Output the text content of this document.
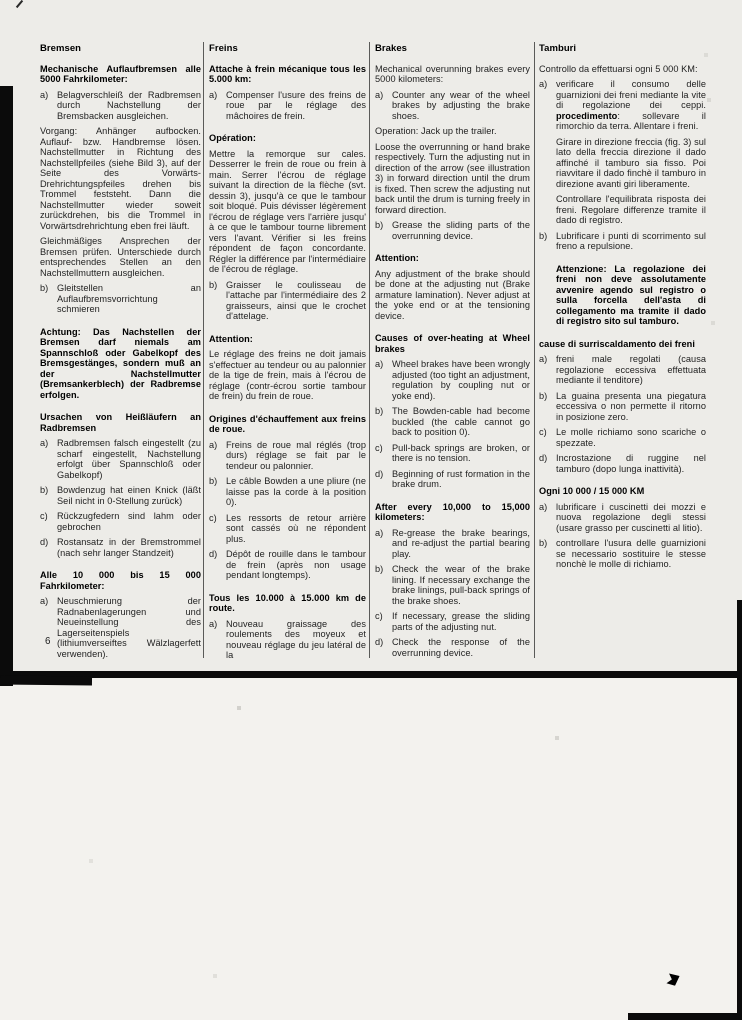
Bremsen
Mechanische Auflaufbremsen alle 5000 Fahrkilometer:
a) Belagverschleiß der Radbremsen durch Nachstellung der Bremsbacken ausgleichen.
Vorgang: Anhänger aufbocken. Auflauf- bzw. Handbremse lösen. Nachstellmutter in Richtung des Nachstellpfeiles (siehe Bild 3), auf der Seite des Vorwärts-Drehrichtungspfeiles drehen bis Trommel feststeht. Dann die Nachstellmutter wieder soweit zurückdrehen, bis die Trommel in Vorwärtsdrehrichtung eben frei läuft.
Gleichmäßiges Ansprechen der Bremsen prüfen. Unterschiede durch entsprechendes Stellen an den Nachstellmuttern ausgleichen.
b) Gleitstellen an Auflaufbremsvorrichtung schmieren
Achtung: Das Nachstellen der Bremsen darf niemals am Spannschloß oder Gabelkopf des Bremsgestänges, sondern muß an der Nachstellmutter (Bremsankerblech) der Radbremse erfolgen.
Ursachen von Heißläufern an Radbremsen
a) Radbremsen falsch eingestellt (zu scharf eingestellt, Nachstellung erfolgt über Spannschloß oder Gabelkopf)
b) Bowdenzug hat einen Knick (läßt Seil nicht in 0-Stellung zurück)
c) Rückzugfedern sind lahm oder gebrochen
d) Rostansatz in der Bremstrommel (nach sehr langer Standzeit)
Alle 10 000 bis 15 000 Fahrkilometer:
a) Neuschmierung der Radnabenlagerungen und Neueinstellung des Lagerseitenspiels (lithiumverseiftes Wälzlagerfett verwenden).
Freins
Attache à frein mécanique tous les 5.000 km:
a) Compenser l'usure des freins de roue par le réglage des mâchoires de frein.
Opération:
Mettre la remorque sur cales. Desserrer le frein de roue ou frein à main. Serrer l'écrou de réglage suivant la direction de la flèche (svt. dessin 3), jusqu'à ce que le tambour soit bloqué. Puis dévisser légèrement l'écrou de réglage vers l'arrière jusqu' à ce que le tambour tourne librement vers l'avant. Vérifier si les freins répondent de façon concordante. Régler la différence par l'intermédiaire de l'écrou de réglage.
b) Graisser le coulisseau de l'attache par l'intermédiaire des 2 graisseurs, ainsi que le crochet d'attelage.
Attention:
Le réglage des freins ne doit jamais s'effectuer au tendeur ou au palonnier de la tige de frein, mais à l'écrou de réglage (contr-écrou sortie tambour de frein) du frein de roue.
Origines d'échauffement aux freins de roue.
a) Freins de roue mal réglés (trop durs) réglage se fait par le tendeur ou palonnier.
b) Le câble Bowden a une pliure (ne laisse pas la corde à la position 0).
c) Les ressorts de retour arrière sont cassés où ne répondent plus.
d) Dépôt de rouille dans le tambour de frein (après non usage pendant longtemps).
Tous les 10.000 à 15.000 km de route.
a) Nouveau graissage des roulements des moyeux et nouveau réglage du jeu latéral de la
Brakes
Mechanical overunning brakes every 5000 kilometers:
a) Counter any wear of the wheel brakes by adjusting the brake shoes.
Operation: Jack up the trailer.
Loose the overrunning or hand brake respectively. Turn the adjusting nut in direction of the arrow (see illustration 3) in forward direction until the drum is fixed. Then screw the adjusting nut back until the drum is turning freely in forward direction.
b) Grease the sliding parts of the overrunning device.
Attention:
Any adjustment of the brake should be done at the adjusting nut (Brake armature lamination). Never adjust at the yoke end or at the tensioning device.
Causes of over-heating at Wheel brakes
a) Wheel brakes have been wrongly adjusted (too tight an adjustment, regulation by coupling nut or yoke end).
b) The Bowden-cable had become buckled (the cable cannot go back to position 0).
c) Pull-back springs are broken, or there is no tension.
d) Beginning of rust formation in the brake drum.
After every 10,000 to 15,000 kilometers:
a) Re-grease the brake bearings, and re-adjust the partial bearing play.
b) Check the wear of the brake lining. If necessary exchange the brake linings, pull-back springs of the brake shoes.
c) If necessary, grease the sliding parts of the adjusting nut.
d) Check the response of the overrunning device.
Tamburi
Controllo da effettuarsi ogni 5 000 KM:
a) verificare il consumo delle guarnizioni dei freni mediante la vite di regolazione dei ceppi. procedimento: sollevare il rimorchio da terra. Allentare i freni.
Girare in direzione freccia (fig. 3) sul lato della freccia direzione il dado affinché il tamburo sia fisso. Poi riavvitare il dado finchè il tamburo in direzione avanti giri liberamente.
Controllare l'equilibrata risposta dei freni. Regolare differenze tramite il dado di registro.
b) Lubrificare i punti di scorrimento sul freno a repulsione.
Attenzione: La regolazione dei freni non deve assolutamente avvenire agendo sul registro o sulla forcella dell'asta di collegamento ma tramite il dado di registro sito sul tamburo.
cause di surriscaldamento dei freni
a) freni male regolati (causa regolazione eccessiva effettuata mediante il tenditore)
b) La guaina presenta una piegatura eccessiva o non permette il ritorno in posizione zero.
c) Le molle richiamo sono scariche o spezzate.
d) Incrostazione di ruggine nel tamburo (dopo lunga inattività).
Ogni 10 000 / 15 000 KM
a) lubrificare i cuscinetti dei mozzi e nuova regolazione degli stessi (usare grasso per cuscinetti al litio).
b) controllare l'usura delle guarnizioni se necessario sostituire le stesse nonchè le molle di richiamo.
6
